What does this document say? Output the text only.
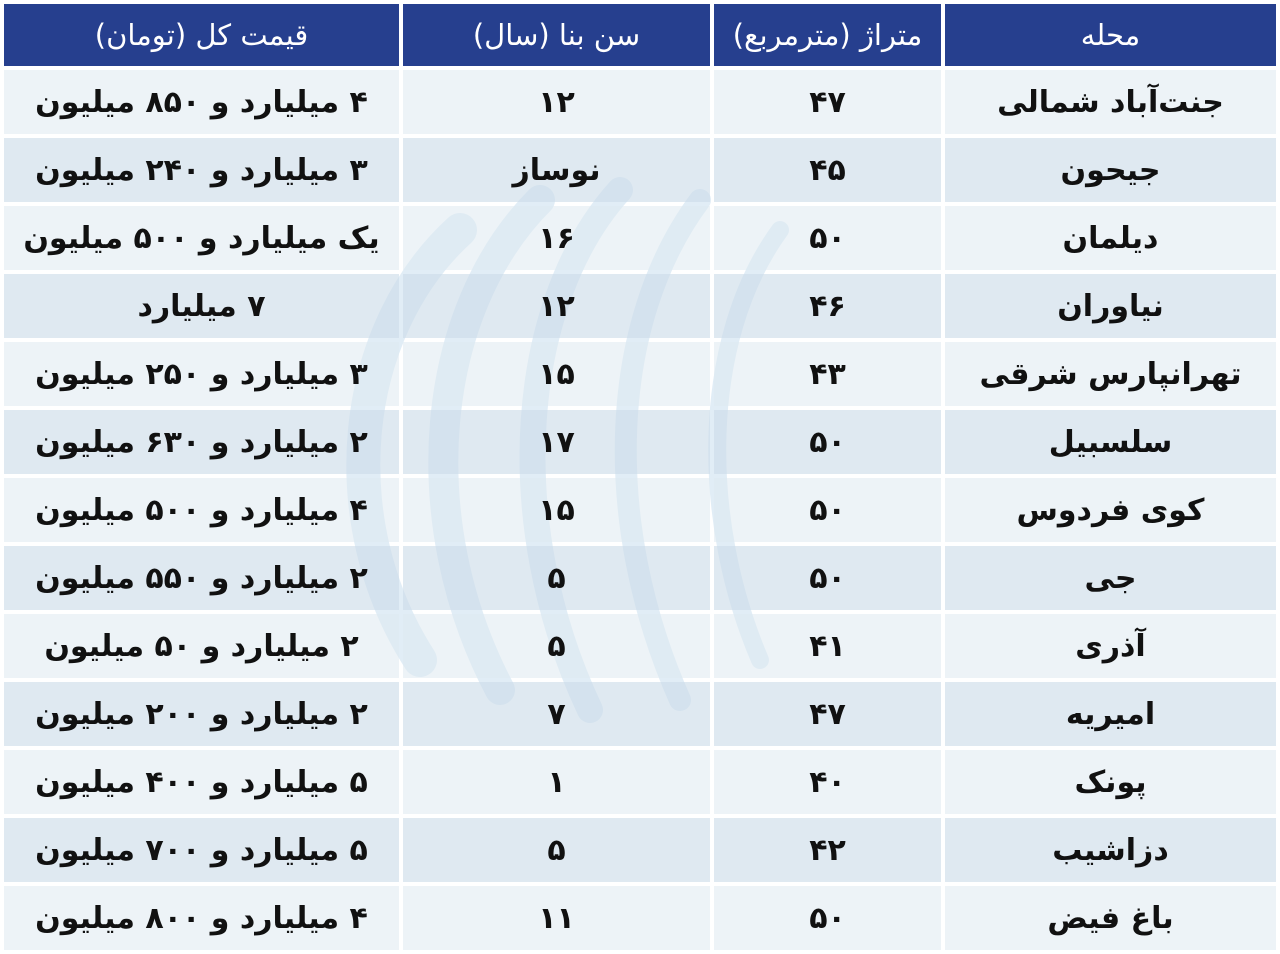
محله	متراژ (مترمربع)	سن بنا (سال)	قیمت کل (تومان)
جنت‌آباد شمالی	۴۷	۱۲	۴ میلیارد و ۸۵۰ میلیون
جیحون	۴۵	نوساز	۳ میلیارد و ۲۴۰ میلیون
دیلمان	۵۰	۱۶	یک میلیارد و ۵۰۰ میلیون
نیاوران	۴۶	۱۲	۷ میلیارد
تهرانپارس شرقی	۴۳	۱۵	۳ میلیارد و ۲۵۰ میلیون
سلسبیل	۵۰	۱۷	۲ میلیارد و ۶۳۰ میلیون
کوی فردوس	۵۰	۱۵	۴ میلیارد و ۵۰۰ میلیون
جی	۵۰	۵	۲ میلیارد و ۵۵۰ میلیون
آذری	۴۱	۵	۲ میلیارد و ۵۰ میلیون
امیریه	۴۷	۷	۲ میلیارد و ۲۰۰ میلیون
پونک	۴۰	۱	۵ میلیارد و ۴۰۰ میلیون
دزاشیب	۴۲	۵	۵ میلیارد و ۷۰۰ میلیون
باغ فیض	۵۰	۱۱	۴ میلیارد و ۸۰۰ میلیون
